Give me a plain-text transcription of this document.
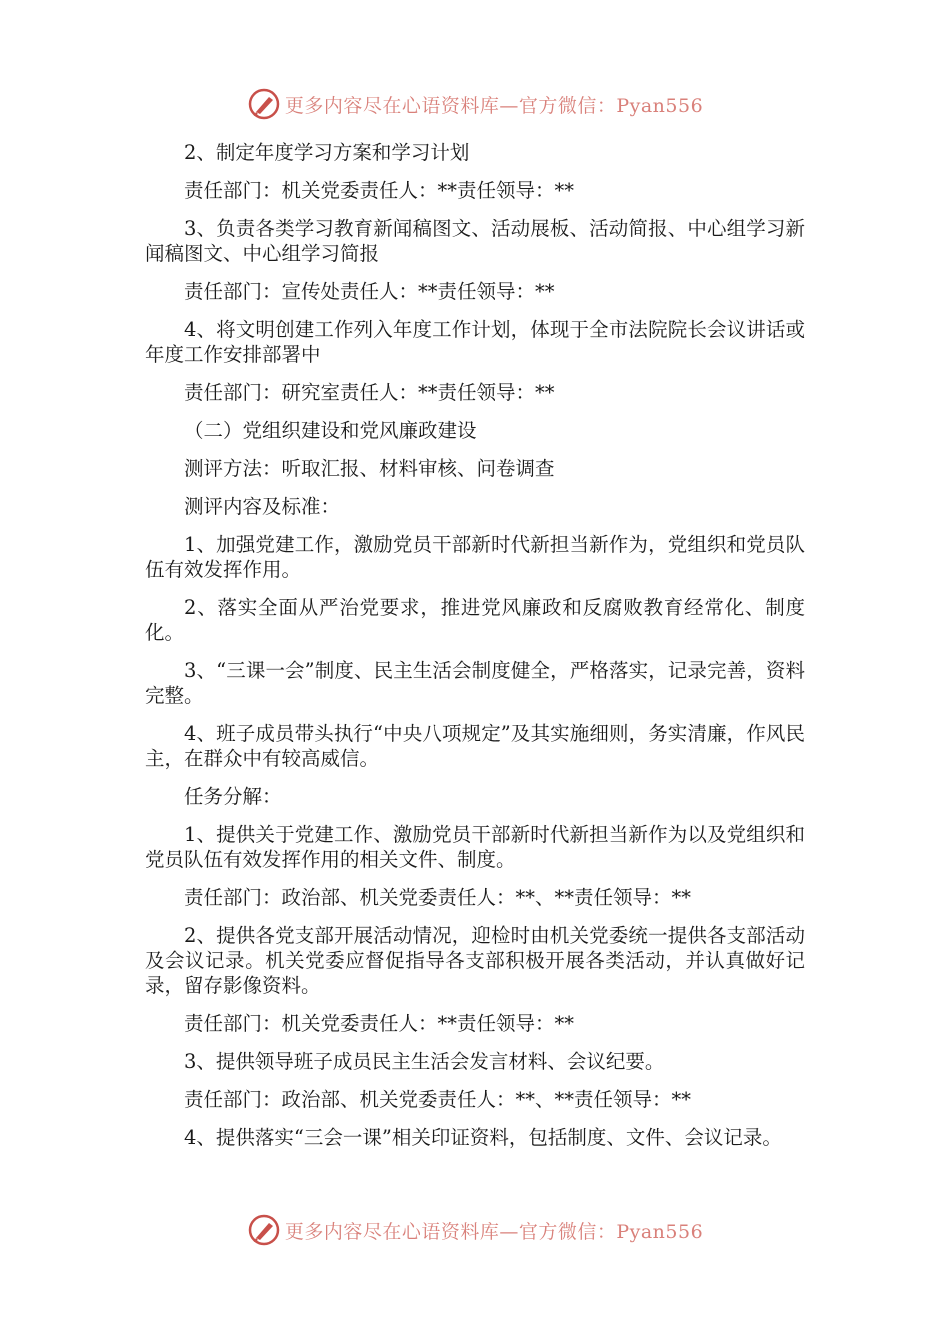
更多内容尽在心语资料库—官方微信：Pyan556

2、制定年度学习方案和学习计划

责任部门：机关党委责任人：**责任领导：**

3、负责各类学习教育新闻稿图文、活动展板、活动简报、中心组学习新闻稿图文、中心组学习简报

责任部门：宣传处责任人：**责任领导：**

4、将文明创建工作列入年度工作计划，体现于全市法院院长会议讲话或年度工作安排部署中

责任部门：研究室责任人：**责任领导：**

（二）党组织建设和党风廉政建设

测评方法：听取汇报、材料审核、问卷调查

测评内容及标准：

1、加强党建工作，激励党员干部新时代新担当新作为，党组织和党员队伍有效发挥作用。

2、落实全面从严治党要求，推进党风廉政和反腐败教育经常化、制度化。

3、“三课一会”制度、民主生活会制度健全，严格落实，记录完善，资料完整。

4、班子成员带头执行“中央八项规定”及其实施细则，务实清廉，作风民主，在群众中有较高威信。

任务分解：

1、提供关于党建工作、激励党员干部新时代新担当新作为以及党组织和党员队伍有效发挥作用的相关文件、制度。

责任部门：政治部、机关党委责任人：**、**责任领导：**

2、提供各党支部开展活动情况，迎检时由机关党委统一提供各支部活动及会议记录。机关党委应督促指导各支部积极开展各类活动，并认真做好记录，留存影像资料。

责任部门：机关党委责任人：**责任领导：**

3、提供领导班子成员民主生活会发言材料、会议纪要。

责任部门：政治部、机关党委责任人：**、**责任领导：**

4、提供落实“三会一课”相关印证资料，包括制度、文件、会议记录。

更多内容尽在心语资料库—官方微信：Pyan556
